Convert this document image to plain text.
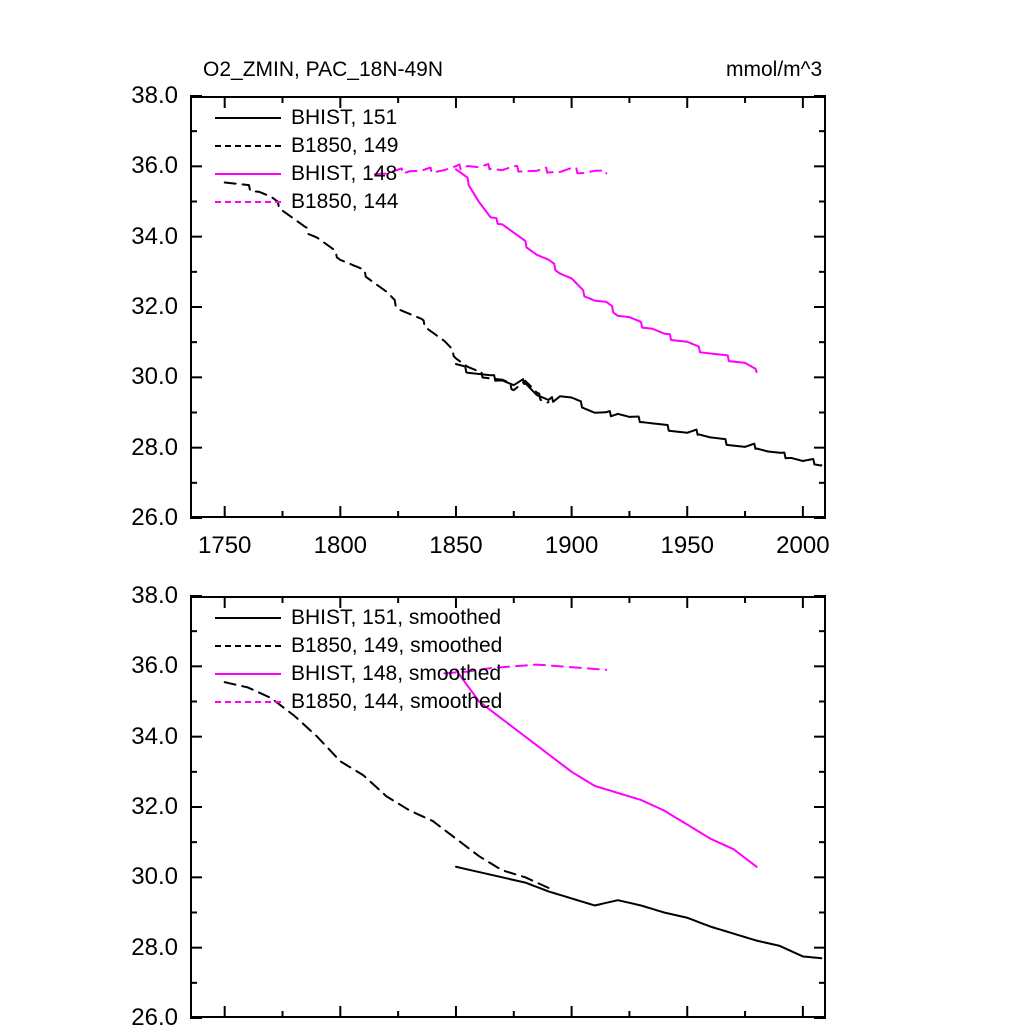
O2_ZMIN, PAC_18N-49N	mmol/m^3
26.0
28.0
30.0
32.0
34.0
36.0
38.0
1750	1800	1850	1900	1950	2000
BHIST, 151
B1850, 149
BHIST, 148
B1850, 144
26.0
28.0
30.0
32.0
34.0
36.0
38.0
BHIST, 151, smoothed
B1850, 149, smoothed
BHIST, 148, smoothed
B1850, 144, smoothed
